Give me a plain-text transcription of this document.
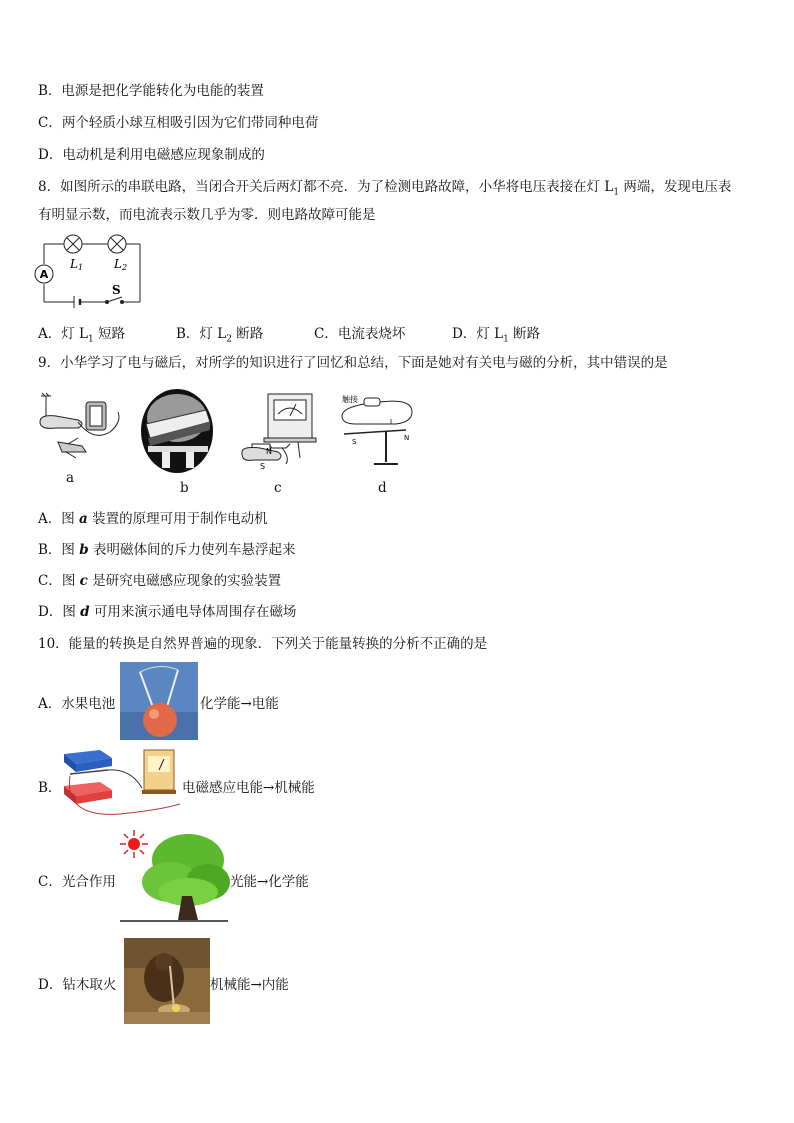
B．电源是把化学能转化为电能的装置
C．两个轻质小球互相吸引因为它们带同种电荷
D．电动机是利用电磁感应现象制成的
8．如图所示的串联电路，当闭合开关后两灯都不亮．为了检测电路故障，小华将电压表接在灯 $L_1$ 两端，发现电压表
有明显示数，而电流表示数几乎为零．则电路故障可能是
A
L1	L2
S
A．灯 $L_1$ 短路	B．灯 $L_2$ 断路	C．电流表烧坏	D．灯 $L_1$ 断路
9．小华学习了电与磁后，对所学的知识进行了回忆和总结，下面是她对有关电与磁的分析，其中错误的是
a
b
N
S
c
触接
I
S	N
d
A．图 a 装置的原理可用于制作电动机
B．图 b 表明磁体间的斥力使列车悬浮起来
C．图 c 是研究电磁感应现象的实验装置
D．图 d 可用来演示通电导体周围存在磁场
10．能量的转换是自然界普遍的现象．下列关于能量转换的分析不正确的是
A．水果电池	化学能→电能
B．	电磁感应电能→机械能
C．光合作用	光能→化学能
D．钻木取火	机械能→内能
